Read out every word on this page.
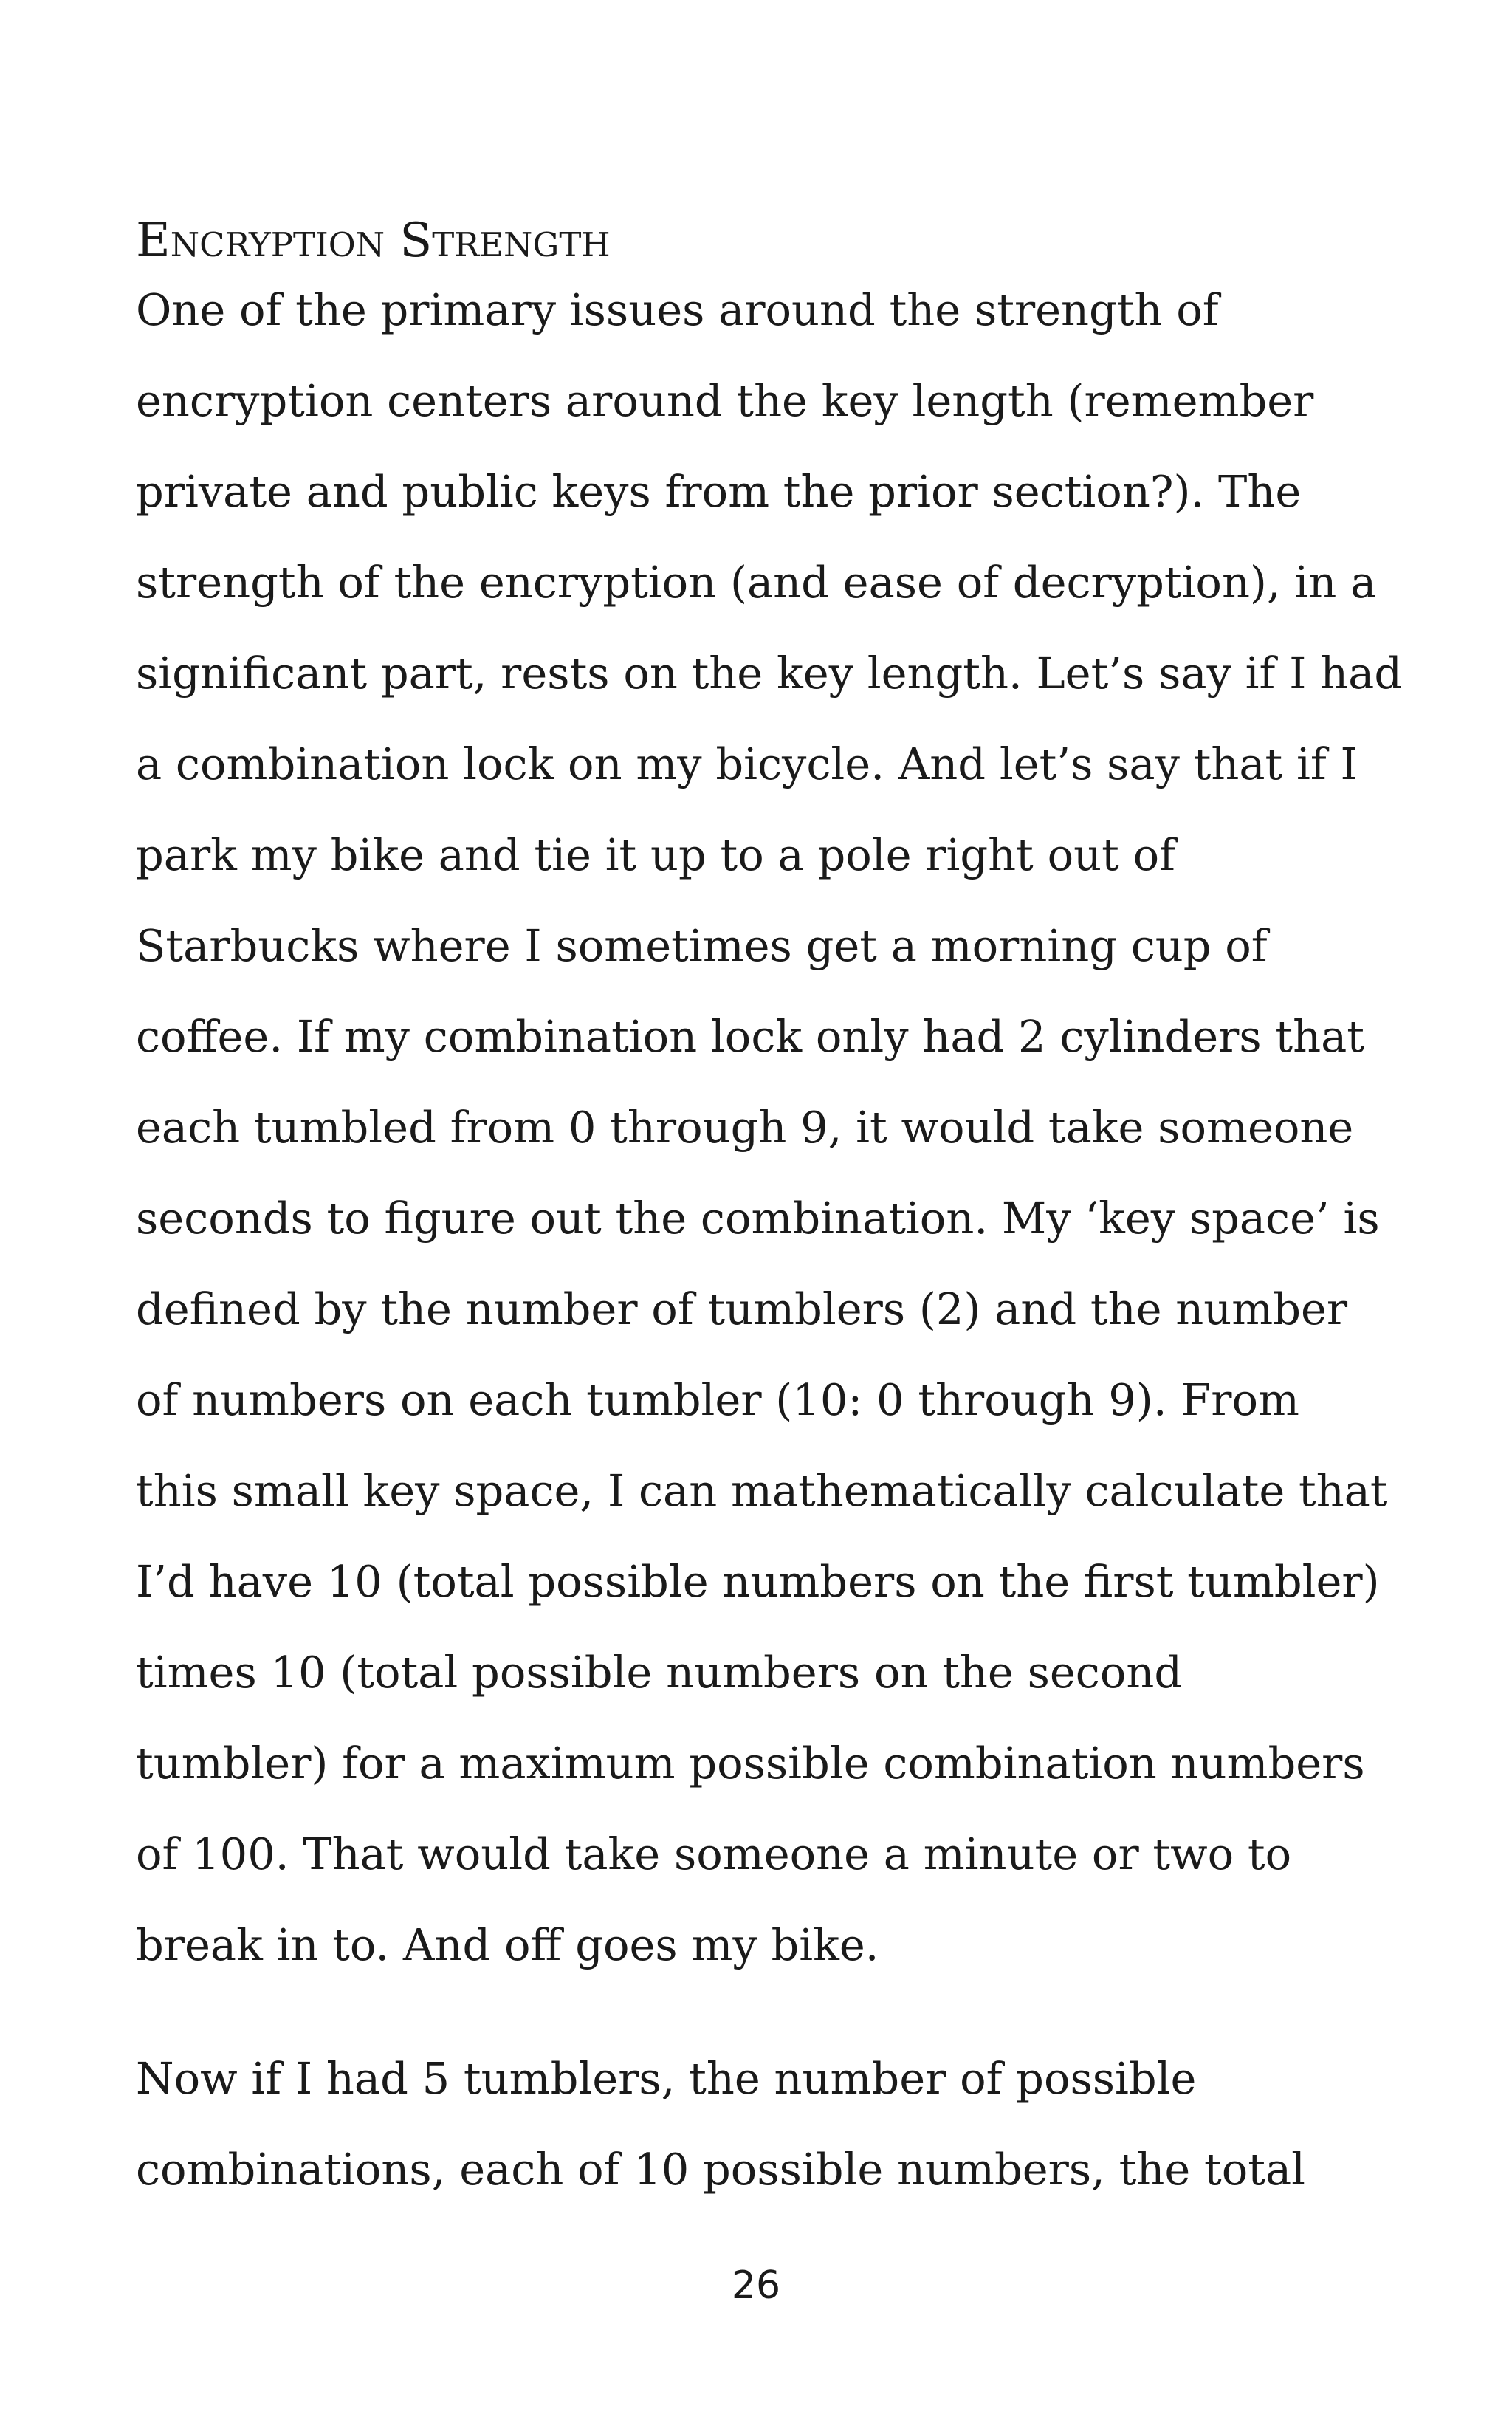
Encryption Strength

One of the primary issues around the strength of

encryption centers around the key length (remember

private and public keys from the prior section?). The

strength of the encryption (and ease of decryption), in a

significant part, rests on the key length. Let’s say if I had

a combination lock on my bicycle. And let’s say that if I

park my bike and tie it up to a pole right out of

Starbucks where I sometimes get a morning cup of

coffee. If my combination lock only had 2 cylinders that

each tumbled from 0 through 9, it would take someone

seconds to figure out the combination. My ‘key space’ is

defined by the number of tumblers (2) and the number

of numbers on each tumbler (10: 0 through 9). From

this small key space, I can mathematically calculate that

I’d have 10 (total possible numbers on the first tumbler)

times 10 (total possible numbers on the second

tumbler) for a maximum possible combination numbers

of 100. That would take someone a minute or two to

break in to. And off goes my bike.

Now if I had 5 tumblers, the number of possible

combinations, each of 10 possible numbers, the total

26
